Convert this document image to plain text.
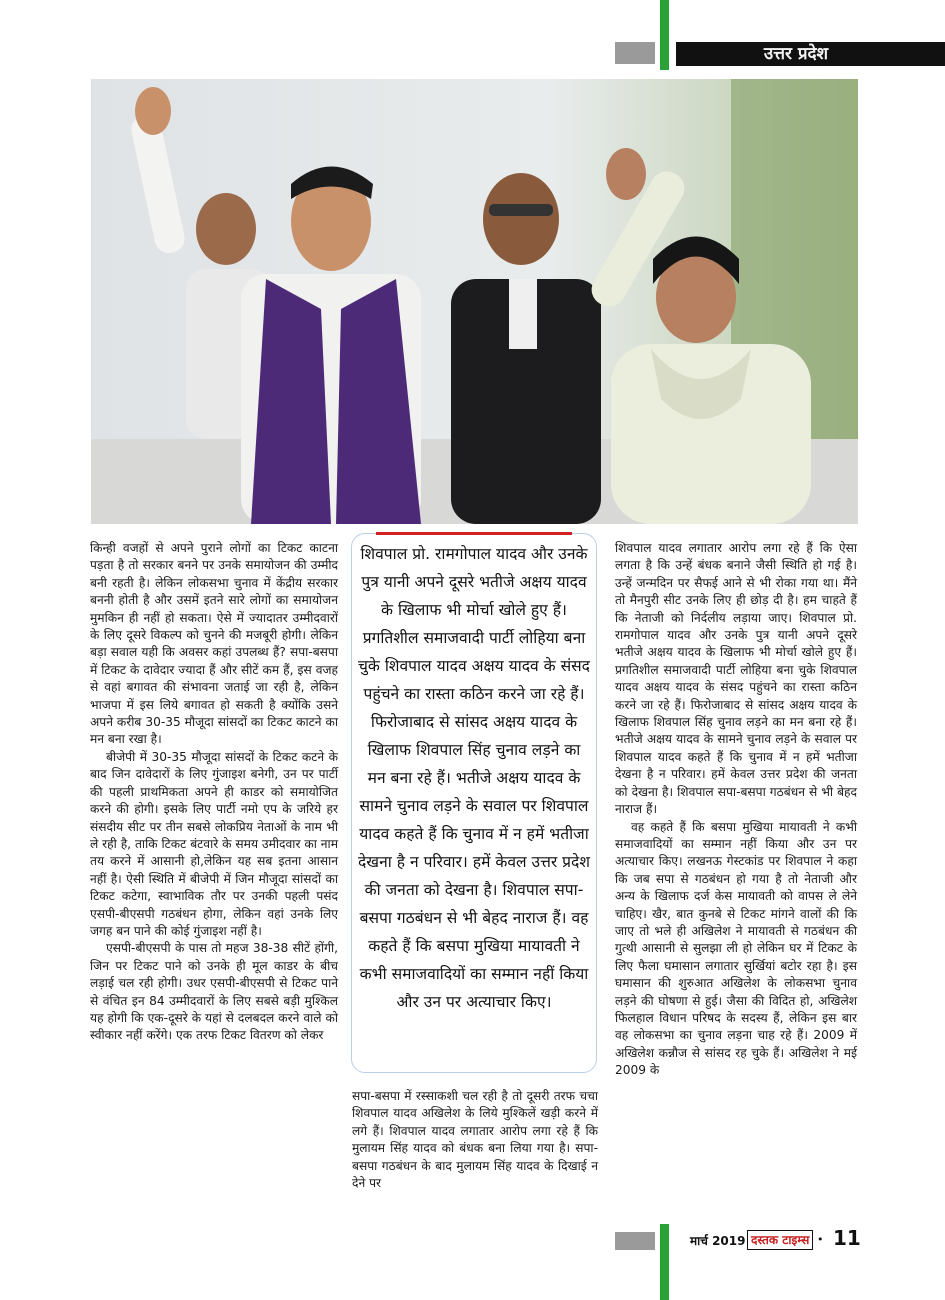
उत्तर प्रदेश

किन्ही वजहों से अपने पुराने लोगों का टिकट काटना पड़ता है तो सरकार बनने पर उनके समायोजन की उम्मीद बनी रहती है। लेकिन लोकसभा चुनाव में केंद्रीय सरकार बननी होती है और उसमें इतने सारे लोगों का समायोजन मुमकिन ही नहीं हो सकता। ऐसे में ज्यादातर उम्मीदवारों के लिए दूसरे विकल्प को चुनने की मजबूरी होगी। लेकिन बड़ा सवाल यही कि अवसर कहां उपलब्ध हैं? सपा-बसपा में टिकट के दावेदार ज्यादा हैं और सीटें कम हैं, इस वजह से वहां बगावत की संभावना जताई जा रही है, लेकिन भाजपा में इस लिये बगावत हो सकती है क्योंकि उसने अपने करीब 30-35 मौजूदा सांसदों का टिकट काटने का मन बना रखा है।

बीजेपी में 30-35 मौजूदा सांसदों के टिकट कटने के बाद जिन दावेदारों के लिए गुंजाइश बनेगी, उन पर पार्टी की पहली प्राथमिकता अपने ही काडर को समायोजित करने की होगी। इसके लिए पार्टी नमो एप के जरिये हर संसदीय सीट पर तीन सबसे लोकप्रिय नेताओं के नाम भी ले रही है, ताकि टिकट बंटवारे के समय उमीदवार का नाम तय करने में आसानी हो,लेकिन यह सब इतना आसान नहीं है। ऐसी स्थिति में बीजेपी में जिन मौजूदा सांसदों का टिकट कटेगा, स्वाभाविक तौर पर उनकी पहली पसंद एसपी-बीएसपी गठबंधन होगा, लेकिन वहां उनके लिए जगह बन पाने की कोई गुंजाइश नहीं है।

एसपी-बीएसपी के पास तो महज 38-38 सीटें होंगी, जिन पर टिकट पाने को उनके ही मूल काडर के बीच लड़ाई चल रही होगी। उधर एसपी-बीएसपी से टिकट पाने से वंचित इन 84 उम्मीदवारों के लिए सबसे बड़ी मुश्किल यह होगी कि एक-दूसरे के यहां से दलबदल करने वाले को स्वीकार नहीं करेंगे। एक तरफ टिकट वितरण को लेकर

शिवपाल प्रो. रामगोपाल यादव और उनके पुत्र यानी अपने दूसरे भतीजे अक्षय यादव के खिलाफ भी मोर्चा खोले हुए हैं। प्रगतिशील समाजवादी पार्टी लोहिया बना चुके शिवपाल यादव अक्षय यादव के संसद पहुंचने का रास्ता कठिन करने जा रहे हैं। फिरोजाबाद से सांसद अक्षय यादव के खिलाफ शिवपाल सिंह चुनाव लड़ने का मन बना रहे हैं। भतीजे अक्षय यादव के सामने चुनाव लड़ने के सवाल पर शिवपाल यादव कहते हैं कि चुनाव में न हमें भतीजा देखना है न परिवार। हमें केवल उत्तर प्रदेश की जनता को देखना है। शिवपाल सपा-बसपा गठबंधन से भी बेहद नाराज हैं। वह कहते हैं कि बसपा मुखिया मायावती ने कभी समाजवादियों का सम्मान नहीं किया और उन पर अत्याचार किए।

सपा-बसपा में रस्साकशी चल रही है तो दूसरी तरफ चचा शिवपाल यादव अखिलेश के लिये मुश्किलें खड़ी करने में लगे हैं। शिवपाल यादव लगातार आरोप लगा रहे हैं कि मुलायम सिंह यादव को बंधक बना लिया गया है। सपा-बसपा गठबंधन के बाद मुलायम सिंह यादव के दिखाई न देने पर

शिवपाल यादव लगातार आरोप लगा रहे हैं कि ऐसा लगता है कि उन्हें बंधक बनाने जैसी स्थिति हो गई है। उन्हें जन्मदिन पर सैफई आने से भी रोका गया था। मैंने तो मैनपुरी सीट उनके लिए ही छोड़ दी है। हम चाहते हैं कि नेताजी को निर्दलीय लड़ाया जाए। शिवपाल प्रो. रामगोपाल यादव और उनके पुत्र यानी अपने दूसरे भतीजे अक्षय यादव के खिलाफ भी मोर्चा खोले हुए हैं। प्रगतिशील समाजवादी पार्टी लोहिया बना चुके शिवपाल यादव अक्षय यादव के संसद पहुंचने का रास्ता कठिन करने जा रहे हैं। फिरोजाबाद से सांसद अक्षय यादव के खिलाफ शिवपाल सिंह चुनाव लड़ने का मन बना रहे हैं। भतीजे अक्षय यादव के सामने चुनाव लड़ने के सवाल पर शिवपाल यादव कहते हैं कि चुनाव में न हमें भतीजा देखना है न परिवार। हमें केवल उत्तर प्रदेश की जनता को देखना है। शिवपाल सपा-बसपा गठबंधन से भी बेहद नाराज हैं।

वह कहते हैं कि बसपा मुखिया मायावती ने कभी समाजवादियों का सम्मान नहीं किया और उन पर अत्याचार किए। लखनऊ गेस्टकांड पर शिवपाल ने कहा कि जब सपा से गठबंधन हो गया है तो नेताजी और अन्य के खिलाफ दर्ज केस मायावती को वापस ले लेने चाहिए। खैर, बात कुनबे से टिकट मांगने वालों की कि जाए तो भले ही अखिलेश ने मायावती से गठबंधन की गुत्थी आसानी से सुलझा ली हो लेकिन घर में टिकट के लिए फैला घमासान लगातार सुर्खियां बटोर रहा है। इस घमासान की शुरुआत अखिलेश के लोकसभा चुनाव लड़ने की घोषणा से हुई। जैसा की विदित हो, अखिलेश फिलहाल विधान परिषद के सदस्य हैं, लेकिन इस बार वह लोकसभा का चुनाव लड़ना चाह रहे हैं। 2009 में अखिलेश कन्नौज से सांसद रह चुके हैं। अखिलेश ने मई 2009 के

मार्च 2019 दस्तक टाइम्स • 11
